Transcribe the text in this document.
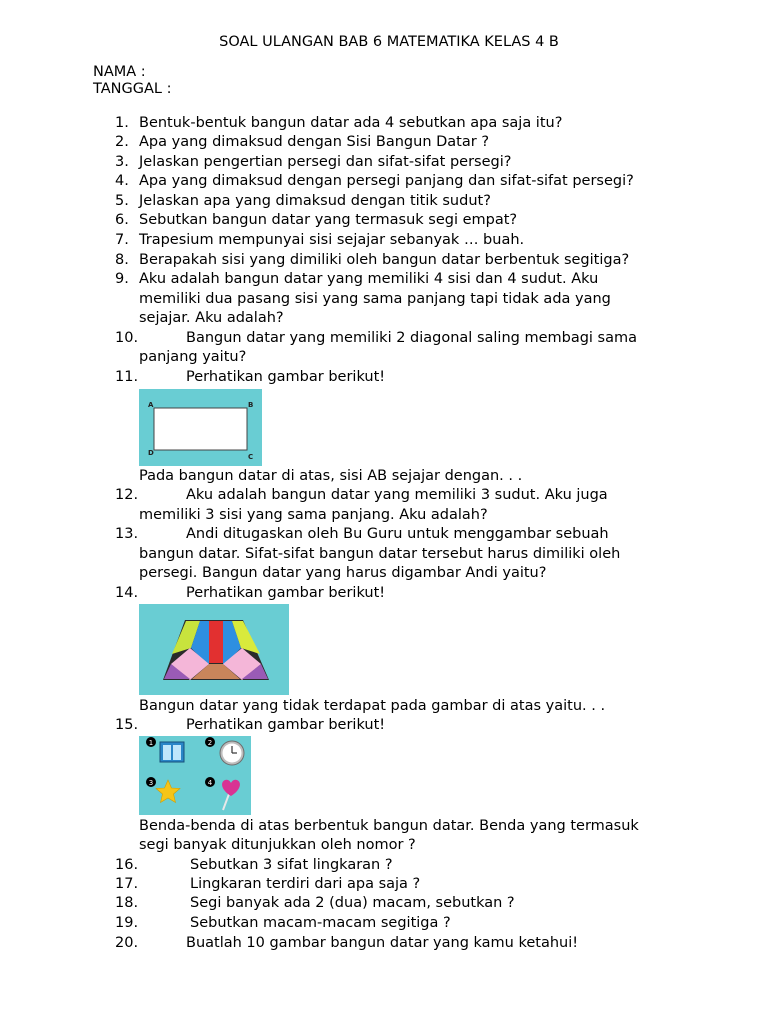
SOAL ULANGAN BAB 6 MATEMATIKA KELAS 4 B
NAMA :
TANGGAL :
1. Bentuk-bentuk bangun datar ada 4 sebutkan apa saja itu?
2. Apa yang dimaksud dengan Sisi Bangun Datar ?
3. Jelaskan pengertian persegi dan sifat-sifat persegi?
4. Apa yang dimaksud dengan persegi panjang dan sifat-sifat persegi?
5. Jelaskan apa yang dimaksud dengan titik sudut?
6. Sebutkan bangun datar yang termasuk segi empat?
7. Trapesium mempunyai sisi sejajar sebanyak … buah.
8. Berapakah sisi yang dimiliki oleh bangun datar berbentuk segitiga?
9. Aku adalah bangun datar yang memiliki 4 sisi dan 4 sudut. Aku
memiliki dua pasang sisi yang sama panjang tapi tidak ada yang
sejajar. Aku adalah?
10.	Bangun datar yang memiliki 2 diagonal saling membagi sama
panjang yaitu?
11.	Perhatikan gambar berikut!
A	B
C
D
Pada bangun datar di atas, sisi AB sejajar dengan. . .
12.	Aku adalah bangun datar yang memiliki 3 sudut. Aku juga
memiliki 3 sisi yang sama panjang. Aku adalah?
13.	Andi ditugaskan oleh Bu Guru untuk menggambar sebuah
bangun datar. Sifat-sifat bangun datar tersebut harus dimiliki oleh
persegi. Bangun datar yang harus digambar Andi yaitu?
14.	Perhatikan gambar berikut!
Bangun datar yang tidak terdapat pada gambar di atas yaitu. . .
15.	Perhatikan gambar berikut!
1	2
3	4
Benda-benda di atas berbentuk bangun datar. Benda yang termasuk
segi banyak ditunjukkan oleh nomor ?
16.	Sebutkan 3 sifat lingkaran ?
17.	Lingkaran terdiri dari apa saja ?
18.	Segi banyak ada 2 (dua) macam, sebutkan ?
19.	Sebutkan macam-macam segitiga ?
20.	Buatlah 10 gambar bangun datar yang kamu ketahui!
